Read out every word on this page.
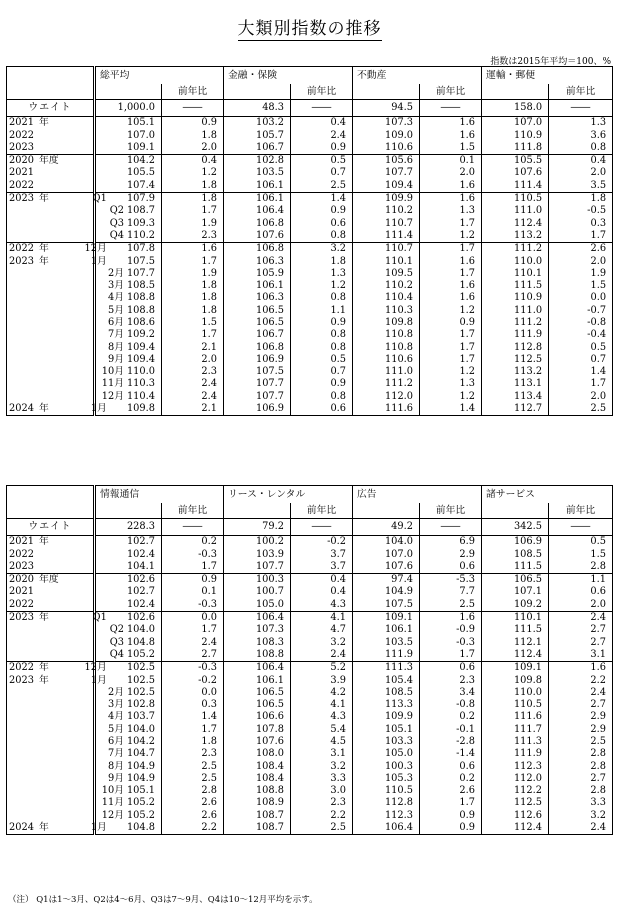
大類別指数の推移
指数は2015年平均＝100、%
	総平均		金融・保険		不動産		運輸・郵便	
		前年比		前年比		前年比		前年比
ウエイト	1,000.0	――	48.3	――	94.5	――	158.0	――
2021 年	105.1	0.9	103.2	0.4	107.3	1.6	107.0	1.3
2022	107.0	1.8	105.7	2.4	109.0	1.6	110.9	3.6
2023	109.1	2.0	106.7	0.9	110.6	1.5	111.8	0.8
2020 年度	104.2	0.4	102.8	0.5	105.6	0.1	105.5	0.4
2021	105.5	1.2	103.5	0.7	107.7	2.0	107.6	2.0
2022	107.4	1.8	106.1	2.5	109.4	1.6	111.4	3.5
2023 年 Q1	107.9	1.8	106.1	1.4	109.9	1.6	110.5	1.8
Q2	108.7	1.7	106.4	0.9	110.2	1.3	111.0	-0.5
Q3	109.3	1.9	106.8	0.6	110.7	1.7	112.4	0.3
Q4	110.2	2.3	107.6	0.8	111.4	1.2	113.2	1.7
2022 年 12月	107.8	1.6	106.8	3.2	110.7	1.7	111.2	2.6
2023 年 1月	107.5	1.7	106.3	1.8	110.1	1.6	110.0	2.0
2月	107.7	1.9	105.9	1.3	109.5	1.7	110.1	1.9
3月	108.5	1.8	106.1	1.2	110.2	1.6	111.5	1.5
4月	108.8	1.8	106.3	0.8	110.4	1.6	110.9	0.0
5月	108.8	1.8	106.5	1.1	110.3	1.2	111.0	-0.7
6月	108.6	1.5	106.5	0.9	109.8	0.9	111.2	-0.8
7月	109.2	1.7	106.7	0.8	110.8	1.7	111.9	-0.4
8月	109.4	2.1	106.8	0.8	110.8	1.7	112.8	0.5
9月	109.4	2.0	106.9	0.5	110.6	1.7	112.5	0.7
10月	110.0	2.3	107.5	0.7	111.0	1.2	113.2	1.4
11月	110.3	2.4	107.7	0.9	111.2	1.3	113.1	1.7
12月	110.4	2.4	107.7	0.8	112.0	1.2	113.4	2.0
2024 年 1月	109.8	2.1	106.9	0.6	111.6	1.4	112.7	2.5
	情報通信		リース・レンタル		広告		諸サービス	
		前年比		前年比		前年比		前年比
ウエイト	228.3	――	79.2	――	49.2	――	342.5	――
2021 年	102.7	0.2	100.2	-0.2	104.0	6.9	106.9	0.5
2022	102.4	-0.3	103.9	3.7	107.0	2.9	108.5	1.5
2023	104.1	1.7	107.7	3.7	107.6	0.6	111.5	2.8
2020 年度	102.6	0.9	100.3	0.4	97.4	-5.3	106.5	1.1
2021	102.7	0.1	100.7	0.4	104.9	7.7	107.1	0.6
2022	102.4	-0.3	105.0	4.3	107.5	2.5	109.2	2.0
2023 年 Q1	102.6	0.0	106.4	4.1	109.1	1.6	110.1	2.4
Q2	104.0	1.7	107.3	4.7	106.1	-0.9	111.5	2.7
Q3	104.8	2.4	108.3	3.2	103.5	-0.3	112.1	2.7
Q4	105.2	2.7	108.8	2.4	111.9	1.7	112.4	3.1
2022 年 12月	102.5	-0.3	106.4	5.2	111.3	0.6	109.1	1.6
2023 年 1月	102.5	-0.2	106.1	3.9	105.4	2.3	109.8	2.2
2月	102.5	0.0	106.5	4.2	108.5	3.4	110.0	2.4
3月	102.8	0.3	106.5	4.1	113.3	-0.8	110.5	2.7
4月	103.7	1.4	106.6	4.3	109.9	0.2	111.6	2.9
5月	104.0	1.7	107.8	5.4	105.1	-0.1	111.7	2.9
6月	104.2	1.8	107.6	4.5	103.3	-2.8	111.3	2.5
7月	104.7	2.3	108.0	3.1	105.0	-1.4	111.9	2.8
8月	104.9	2.5	108.4	3.2	100.3	0.6	112.3	2.8
9月	104.9	2.5	108.4	3.3	105.3	0.2	112.0	2.7
10月	105.1	2.8	108.8	3.0	110.5	2.6	112.2	2.8
11月	105.2	2.6	108.9	2.3	112.8	1.7	112.5	3.3
12月	105.2	2.6	108.7	2.2	112.3	0.9	112.6	3.2
2024 年 1月	104.8	2.2	108.7	2.5	106.4	0.9	112.4	2.4
（注） Q1は1～3月、Q2は4～6月、Q3は7～9月、Q4は10～12月平均を示す。
